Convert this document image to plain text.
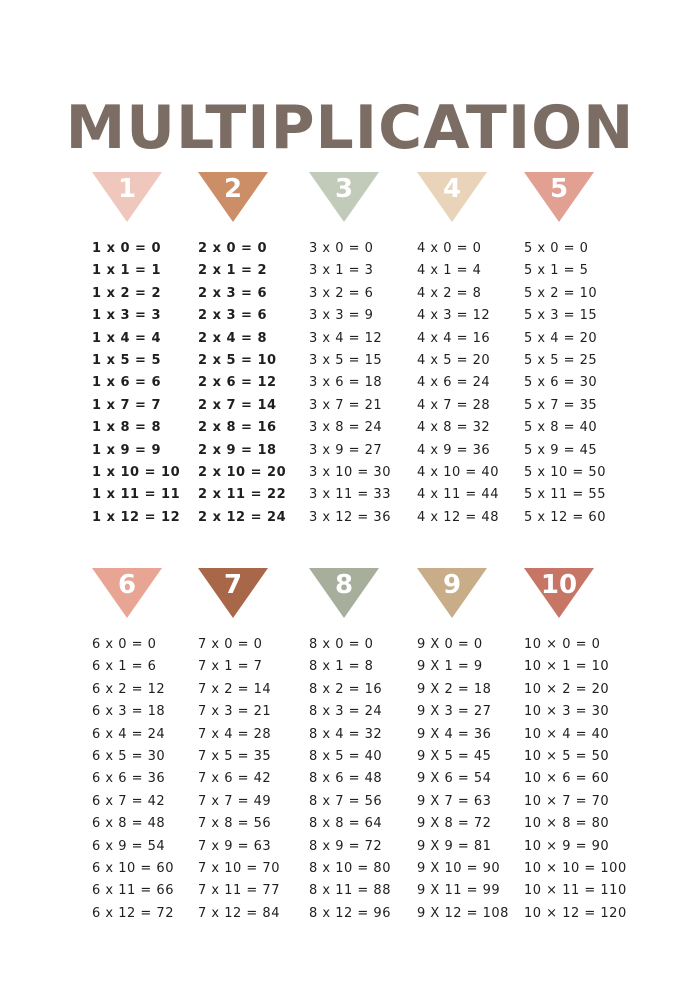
MULTIPLICATION
1
1 x 0 = 0
1 x 1 = 1
1 x 2 = 2
1 x 3 = 3
1 x 4 = 4
1 x 5 = 5
1 x 6 = 6
1 x 7 = 7
1 x 8 = 8
1 x 9 = 9
1 x 10 = 10
1 x 11 = 11
1 x 12 = 12
2
2 x 0 = 0
2 x 1 = 2
2 x 3 = 6
2 x 3 = 6
2 x 4 = 8
2 x 5 = 10
2 x 6 = 12
2 x 7 = 14
2 x 8 = 16
2 x 9 = 18
2 x 10 = 20
2 x 11 = 22
2 x 12 = 24
3
3 x 0 = 0
3 x 1 = 3
3 x 2 = 6
3 x 3 = 9
3 x 4 = 12
3 x 5 = 15
3 x 6 = 18
3 x 7 = 21
3 x 8 = 24
3 x 9 = 27
3 x 10 = 30
3 x 11 = 33
3 x 12 = 36
4
4 x 0 = 0
4 x 1 = 4
4 x 2 = 8
4 x 3 = 12
4 x 4 = 16
4 x 5 = 20
4 x 6 = 24
4 x 7 = 28
4 x 8 = 32
4 x 9 = 36
4 x 10 = 40
4 x 11 = 44
4 x 12 = 48
5
5 x 0 = 0
5 x 1 = 5
5 x 2 = 10
5 x 3 = 15
5 x 4 = 20
5 x 5 = 25
5 x 6 = 30
5 x 7 = 35
5 x 8 = 40
5 x 9 = 45
5 x 10 = 50
5 x 11 = 55
5 x 12 = 60
6
6 x 0 = 0
6 x 1 = 6
6 x 2 = 12
6 x 3 = 18
6 x 4 = 24
6 x 5 = 30
6 x 6 = 36
6 x 7 = 42
6 x 8 = 48
6 x 9 = 54
6 x 10 = 60
6 x 11 = 66
6 x 12 = 72
7
7 x 0 = 0
7 x 1 = 7
7 x 2 = 14
7 x 3 = 21
7 x 4 = 28
7 x 5 = 35
7 x 6 = 42
7 x 7 = 49
7 x 8 = 56
7 x 9 = 63
7 x 10 = 70
7 x 11 = 77
7 x 12 = 84
8
8 x 0 = 0
8 x 1 = 8
8 x 2 = 16
8 x 3 = 24
8 x 4 = 32
8 x 5 = 40
8 x 6 = 48
8 x 7 = 56
8 x 8 = 64
8 x 9 = 72
8 x 10 = 80
8 x 11 = 88
8 x 12 = 96
9
9 X 0 = 0
9 X 1 = 9
9 X 2 = 18
9 X 3 = 27
9 X 4 = 36
9 X 5 = 45
9 X 6 = 54
9 X 7 = 63
9 X 8 = 72
9 X 9 = 81
9 X 10 = 90
9 X 11 = 99
9 X 12 = 108
10
10 × 0 = 0
10 × 1 = 10
10 × 2 = 20
10 × 3 = 30
10 × 4 = 40
10 × 5 = 50
10 × 6 = 60
10 × 7 = 70
10 × 8 = 80
10 × 9 = 90
10 × 10 = 100
10 × 11 = 110
10 × 12 = 120
